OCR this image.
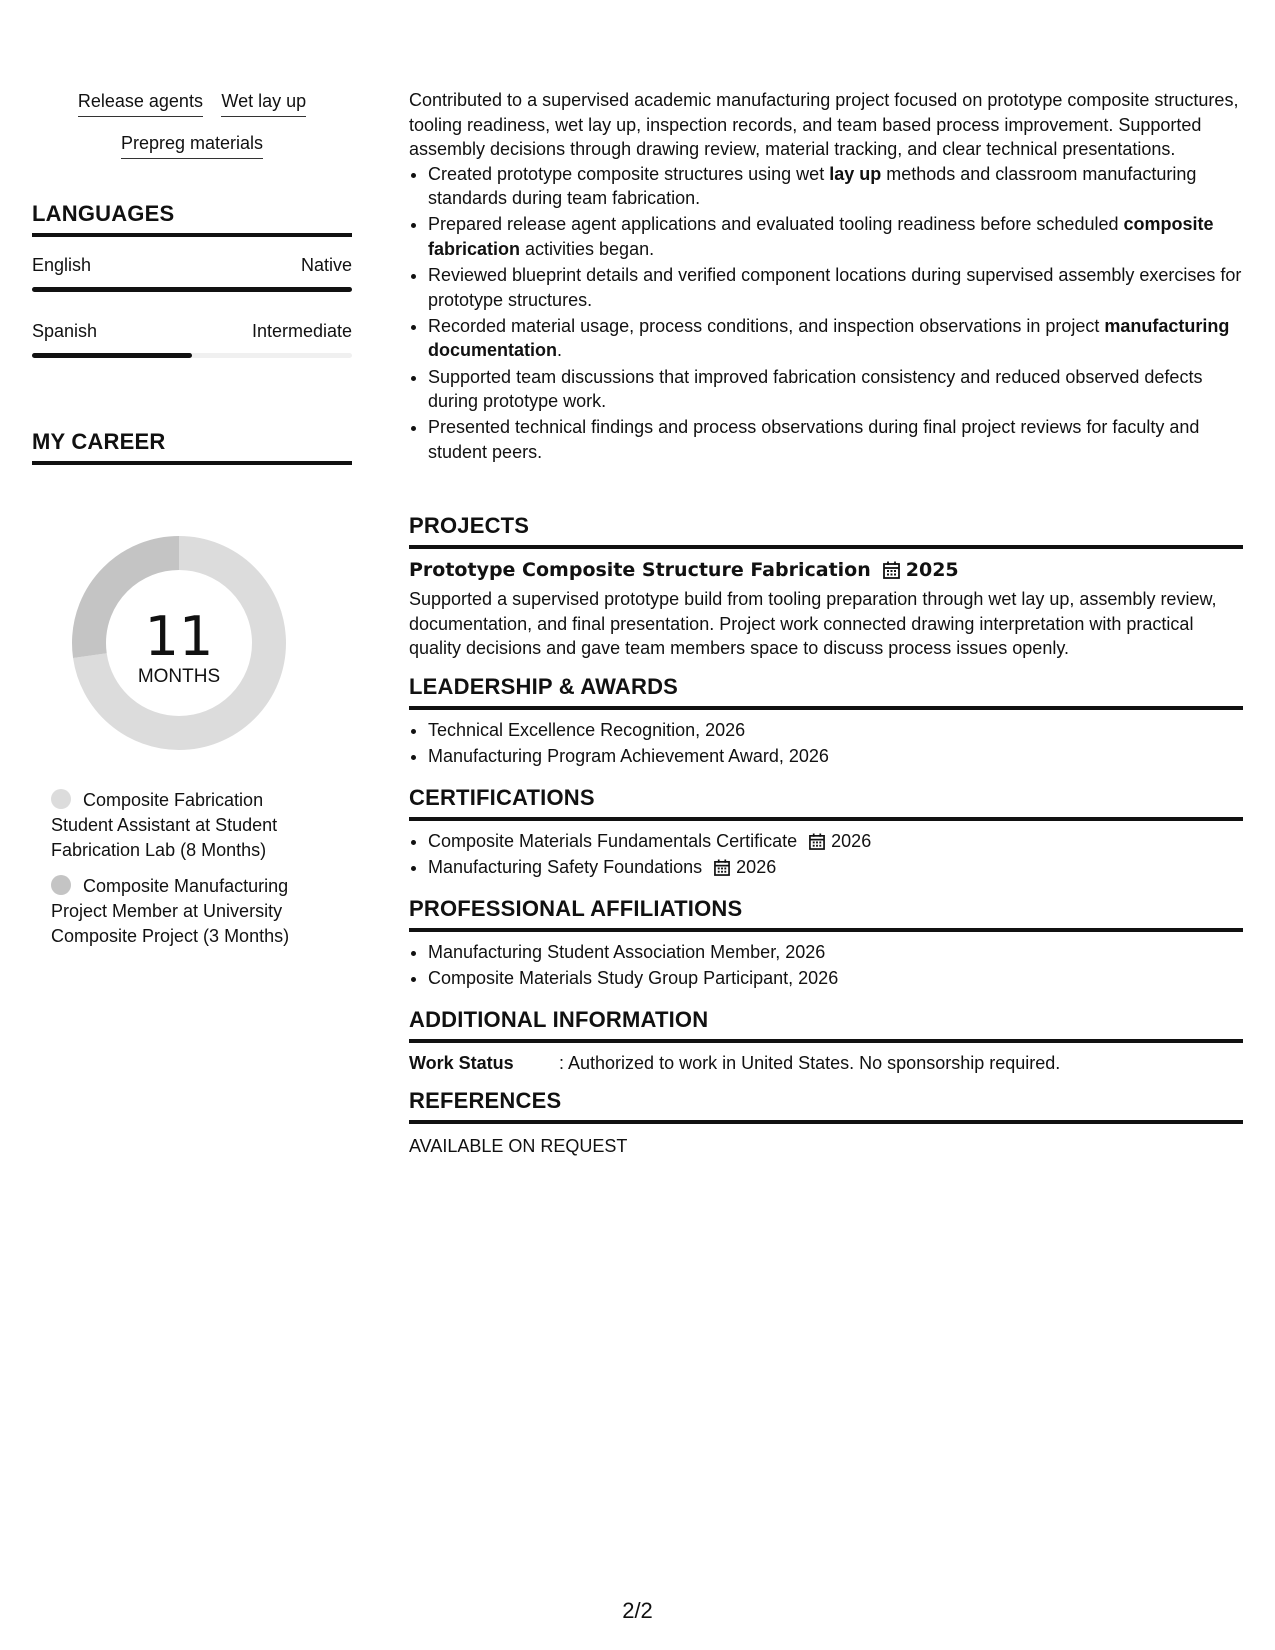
Release agents Wet lay up
Prepreg materials
LANGUAGES
English	Native
Spanish	Intermediate
MY CAREER
11
MONTHS
Composite Fabrication Student Assistant at Student Fabrication Lab (8 Months)
Composite Manufacturing Project Member at University Composite Project (3 Months)

Contributed to a supervised academic manufacturing project focused on prototype composite structures, tooling readiness, wet lay up, inspection records, and team based process improvement. Supported assembly decisions through drawing review, material tracking, and clear technical presentations.

• Created prototype composite structures using wet lay up methods and classroom manufacturing standards during team fabrication.
• Prepared release agent applications and evaluated tooling readiness before scheduled composite fabrication activities began.
• Reviewed blueprint details and verified component locations during supervised assembly exercises for prototype structures.
• Recorded material usage, process conditions, and inspection observations in project manufacturing documentation.
• Supported team discussions that improved fabrication consistency and reduced observed defects during prototype work.
• Presented technical findings and process observations during final project reviews for faculty and student peers.
PROJECTS
Prototype Composite Structure Fabrication 2025

Supported a supervised prototype build from tooling preparation through wet lay up, assembly review, documentation, and final presentation. Project work connected drawing interpretation with practical quality decisions and gave team members space to discuss process issues openly.

LEADERSHIP & AWARDS
• Technical Excellence Recognition, 2026
• Manufacturing Program Achievement Award, 2026
CERTIFICATIONS
• Composite Materials Fundamentals Certificate 2026
• Manufacturing Safety Foundations 2026
PROFESSIONAL AFFILIATIONS
• Manufacturing Student Association Member, 2026
• Composite Materials Study Group Participant, 2026
ADDITIONAL INFORMATION
Work Status	: Authorized to work in United States. No sponsorship required.
REFERENCES
AVAILABLE ON REQUEST
2/2
